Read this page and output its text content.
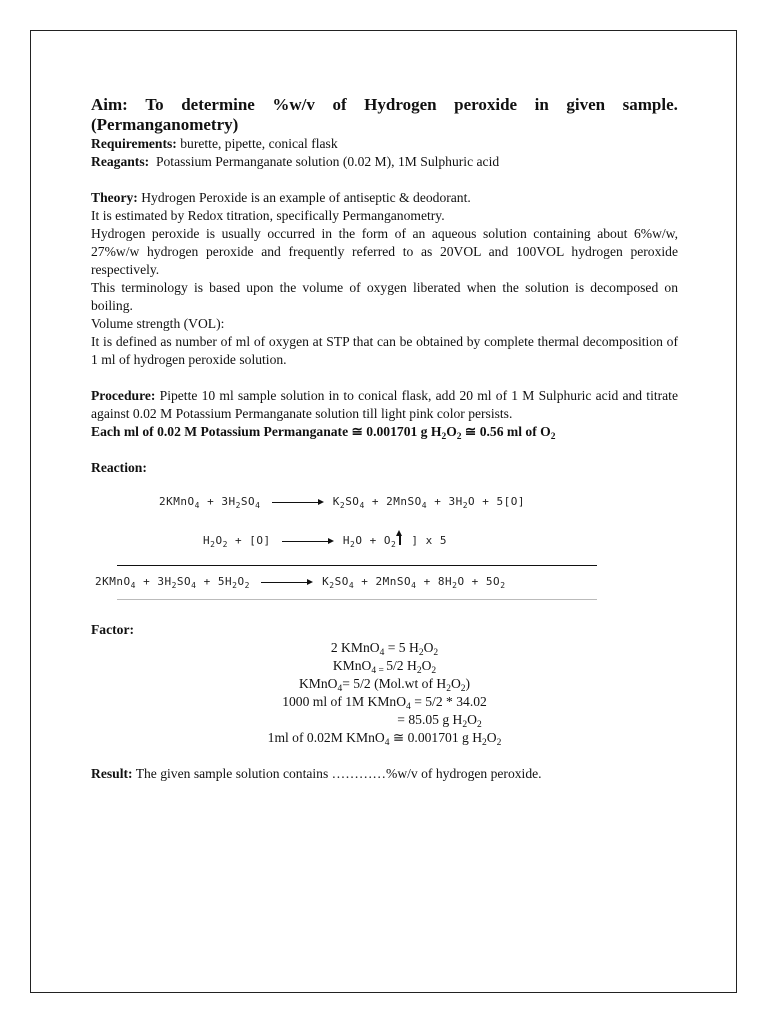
Aim: To determine %w/v of Hydrogen peroxide in given sample.
(Permanganometry)

Requirements: burette, pipette, conical flask

Reagants:  Potassium Permanganate solution (0.02 M), 1M Sulphuric acid

Theory: Hydrogen Peroxide is an example of antiseptic & deodorant.

It is estimated by Redox titration, specifically Permanganometry.

Hydrogen peroxide is usually occurred in the form of an aqueous solution containing about 6%w/w, 27%w/w hydrogen peroxide and frequently referred to as 20VOL and 100VOL hydrogen peroxide respectively.

This terminology is based upon the volume of oxygen liberated when the solution is decomposed on boiling.

Volume strength (VOL):

It is defined as number of ml of oxygen at STP that can be obtained by complete thermal decomposition of 1 ml of hydrogen peroxide solution.

Procedure: Pipette 10 ml sample solution in to conical flask, add 20 ml of 1 M Sulphuric acid and titrate against 0.02 M Potassium Permanganate solution till light pink color persists.

Each ml of 0.02 M Potassium Permanganate ≅ 0.001701 g $H_2O_2$ ≅ 0.56 ml of $O_2$

Reaction:

2KMnO$_4$ + $3H_2SO_4$	$K_2SO_4$ + 2MnSO$_4$ + $3H_2O + 5[O]$
$H_2O_2 + [O]$	$H_2O + O_2$ ] x 5
2KMnO$_4$ + $3H_2SO_4 + 5H_2O_2$	$K_2SO_4$ + 2MnSO$_4$ + $8H_2O + 5O_2$

Factor:

2 KMnO$_4$ = 5 $H_2O_2$

KMnO$_{4 =}$ 5/2 $H_2O_2$

KMnO$_4$= 5/2 (Mol.wt of $H_2O_2$)

1000 ml of 1M KMnO$_4$ = 5/2 * 34.02

= 85.05 g $H_2O_2$

1ml of 0.02M KMnO$_4$ ≅ 0.001701 g $H_2O_2$

Result: The given sample solution contains …………%w/v of hydrogen peroxide.
